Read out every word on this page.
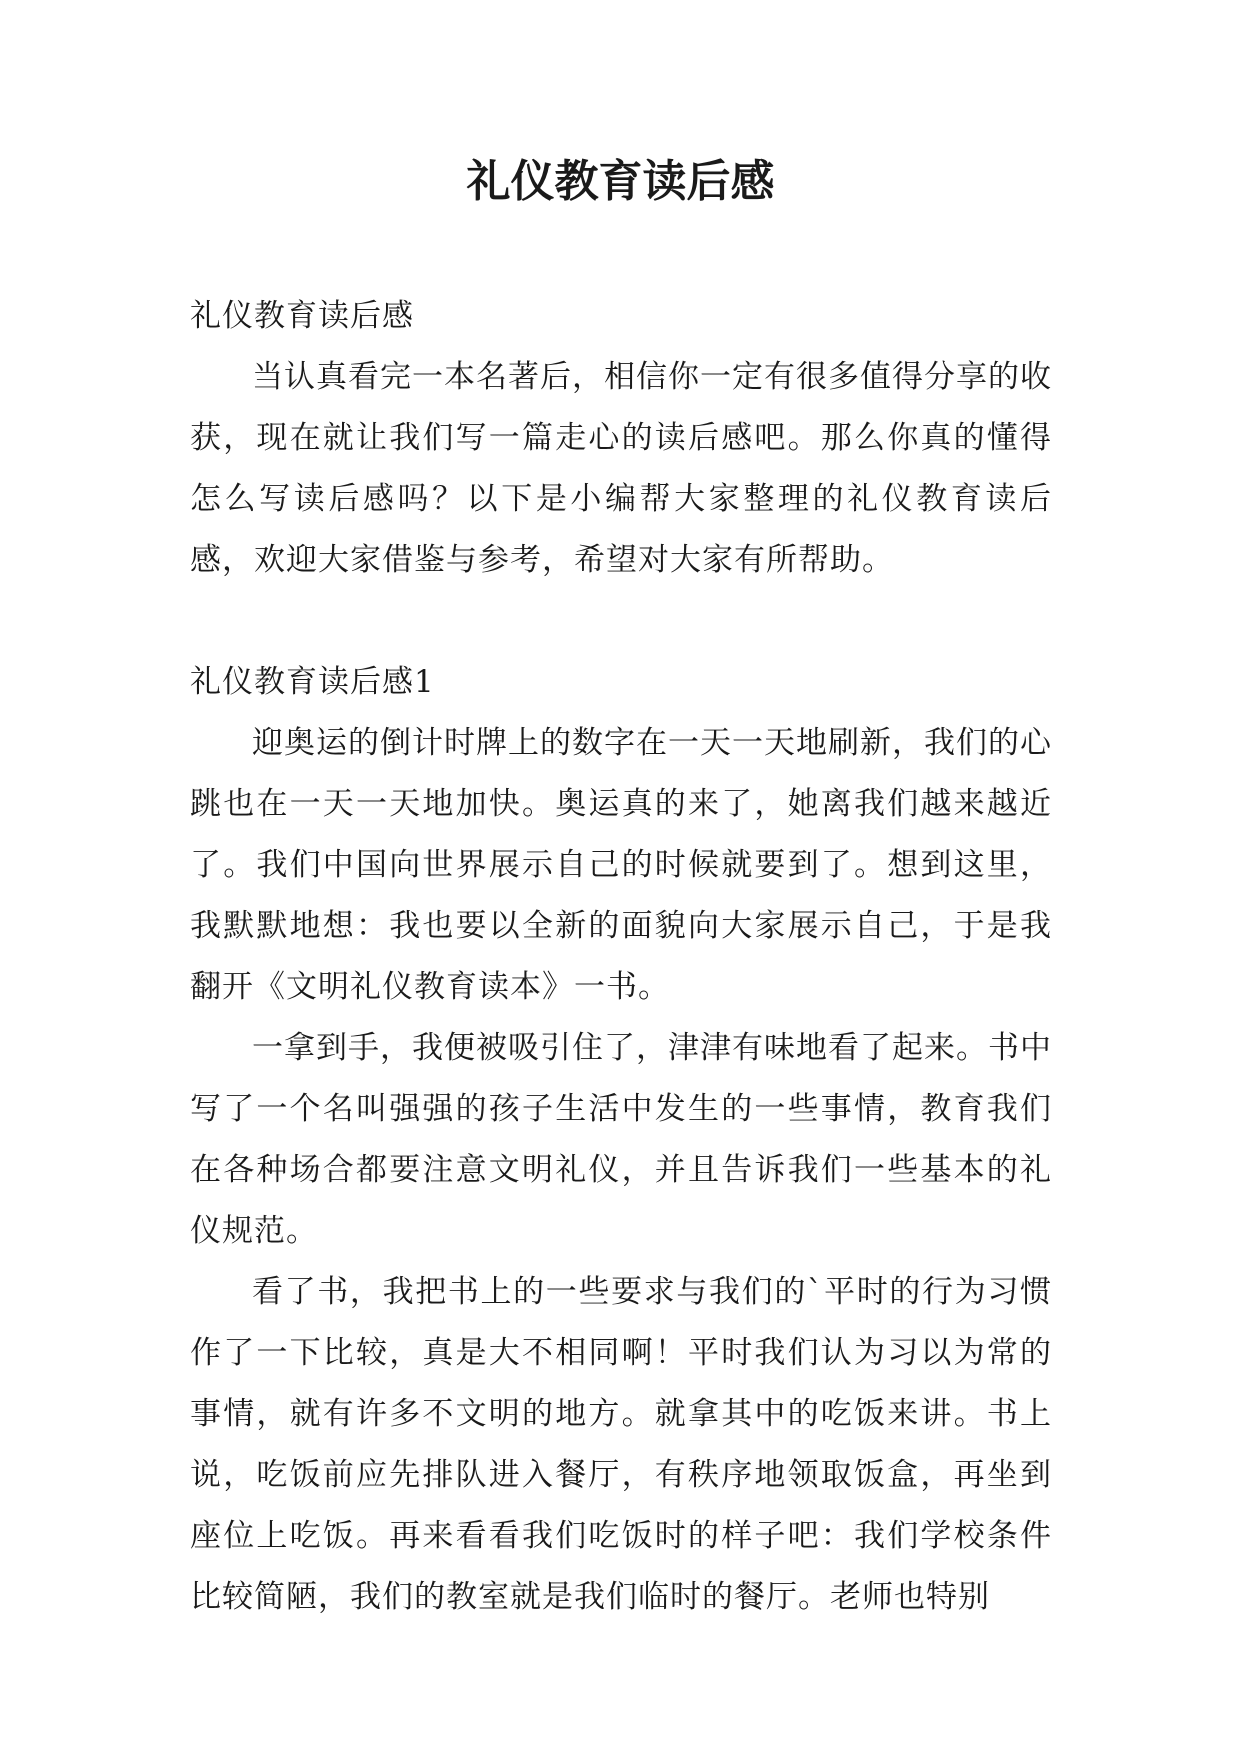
礼仪教育读后感

礼仪教育读后感

当认真看完一本名著后，相信你一定有很多值得分享的收获，现在就让我们写一篇走心的读后感吧。那么你真的懂得怎么写读后感吗？以下是小编帮大家整理的礼仪教育读后感，欢迎大家借鉴与参考，希望对大家有所帮助。

礼仪教育读后感1

迎奥运的倒计时牌上的数字在一天一天地刷新，我们的心跳也在一天一天地加快。奥运真的来了，她离我们越来越近了。我们中国向世界展示自己的时候就要到了。想到这里，我默默地想：我也要以全新的面貌向大家展示自己，于是我翻开《文明礼仪教育读本》一书。

一拿到手，我便被吸引住了，津津有味地看了起来。书中写了一个名叫强强的孩子生活中发生的一些事情，教育我们在各种场合都要注意文明礼仪，并且告诉我们一些基本的礼仪规范。

看了书，我把书上的一些要求与我们的`平时的行为习惯作了一下比较，真是大不相同啊！平时我们认为习以为常的事情，就有许多不文明的地方。就拿其中的吃饭来讲。书上说，吃饭前应先排队进入餐厅，有秩序地领取饭盒，再坐到座位上吃饭。再来看看我们吃饭时的样子吧：我们学校条件比较简陋，我们的教室就是我们临时的餐厅。老师也特别
